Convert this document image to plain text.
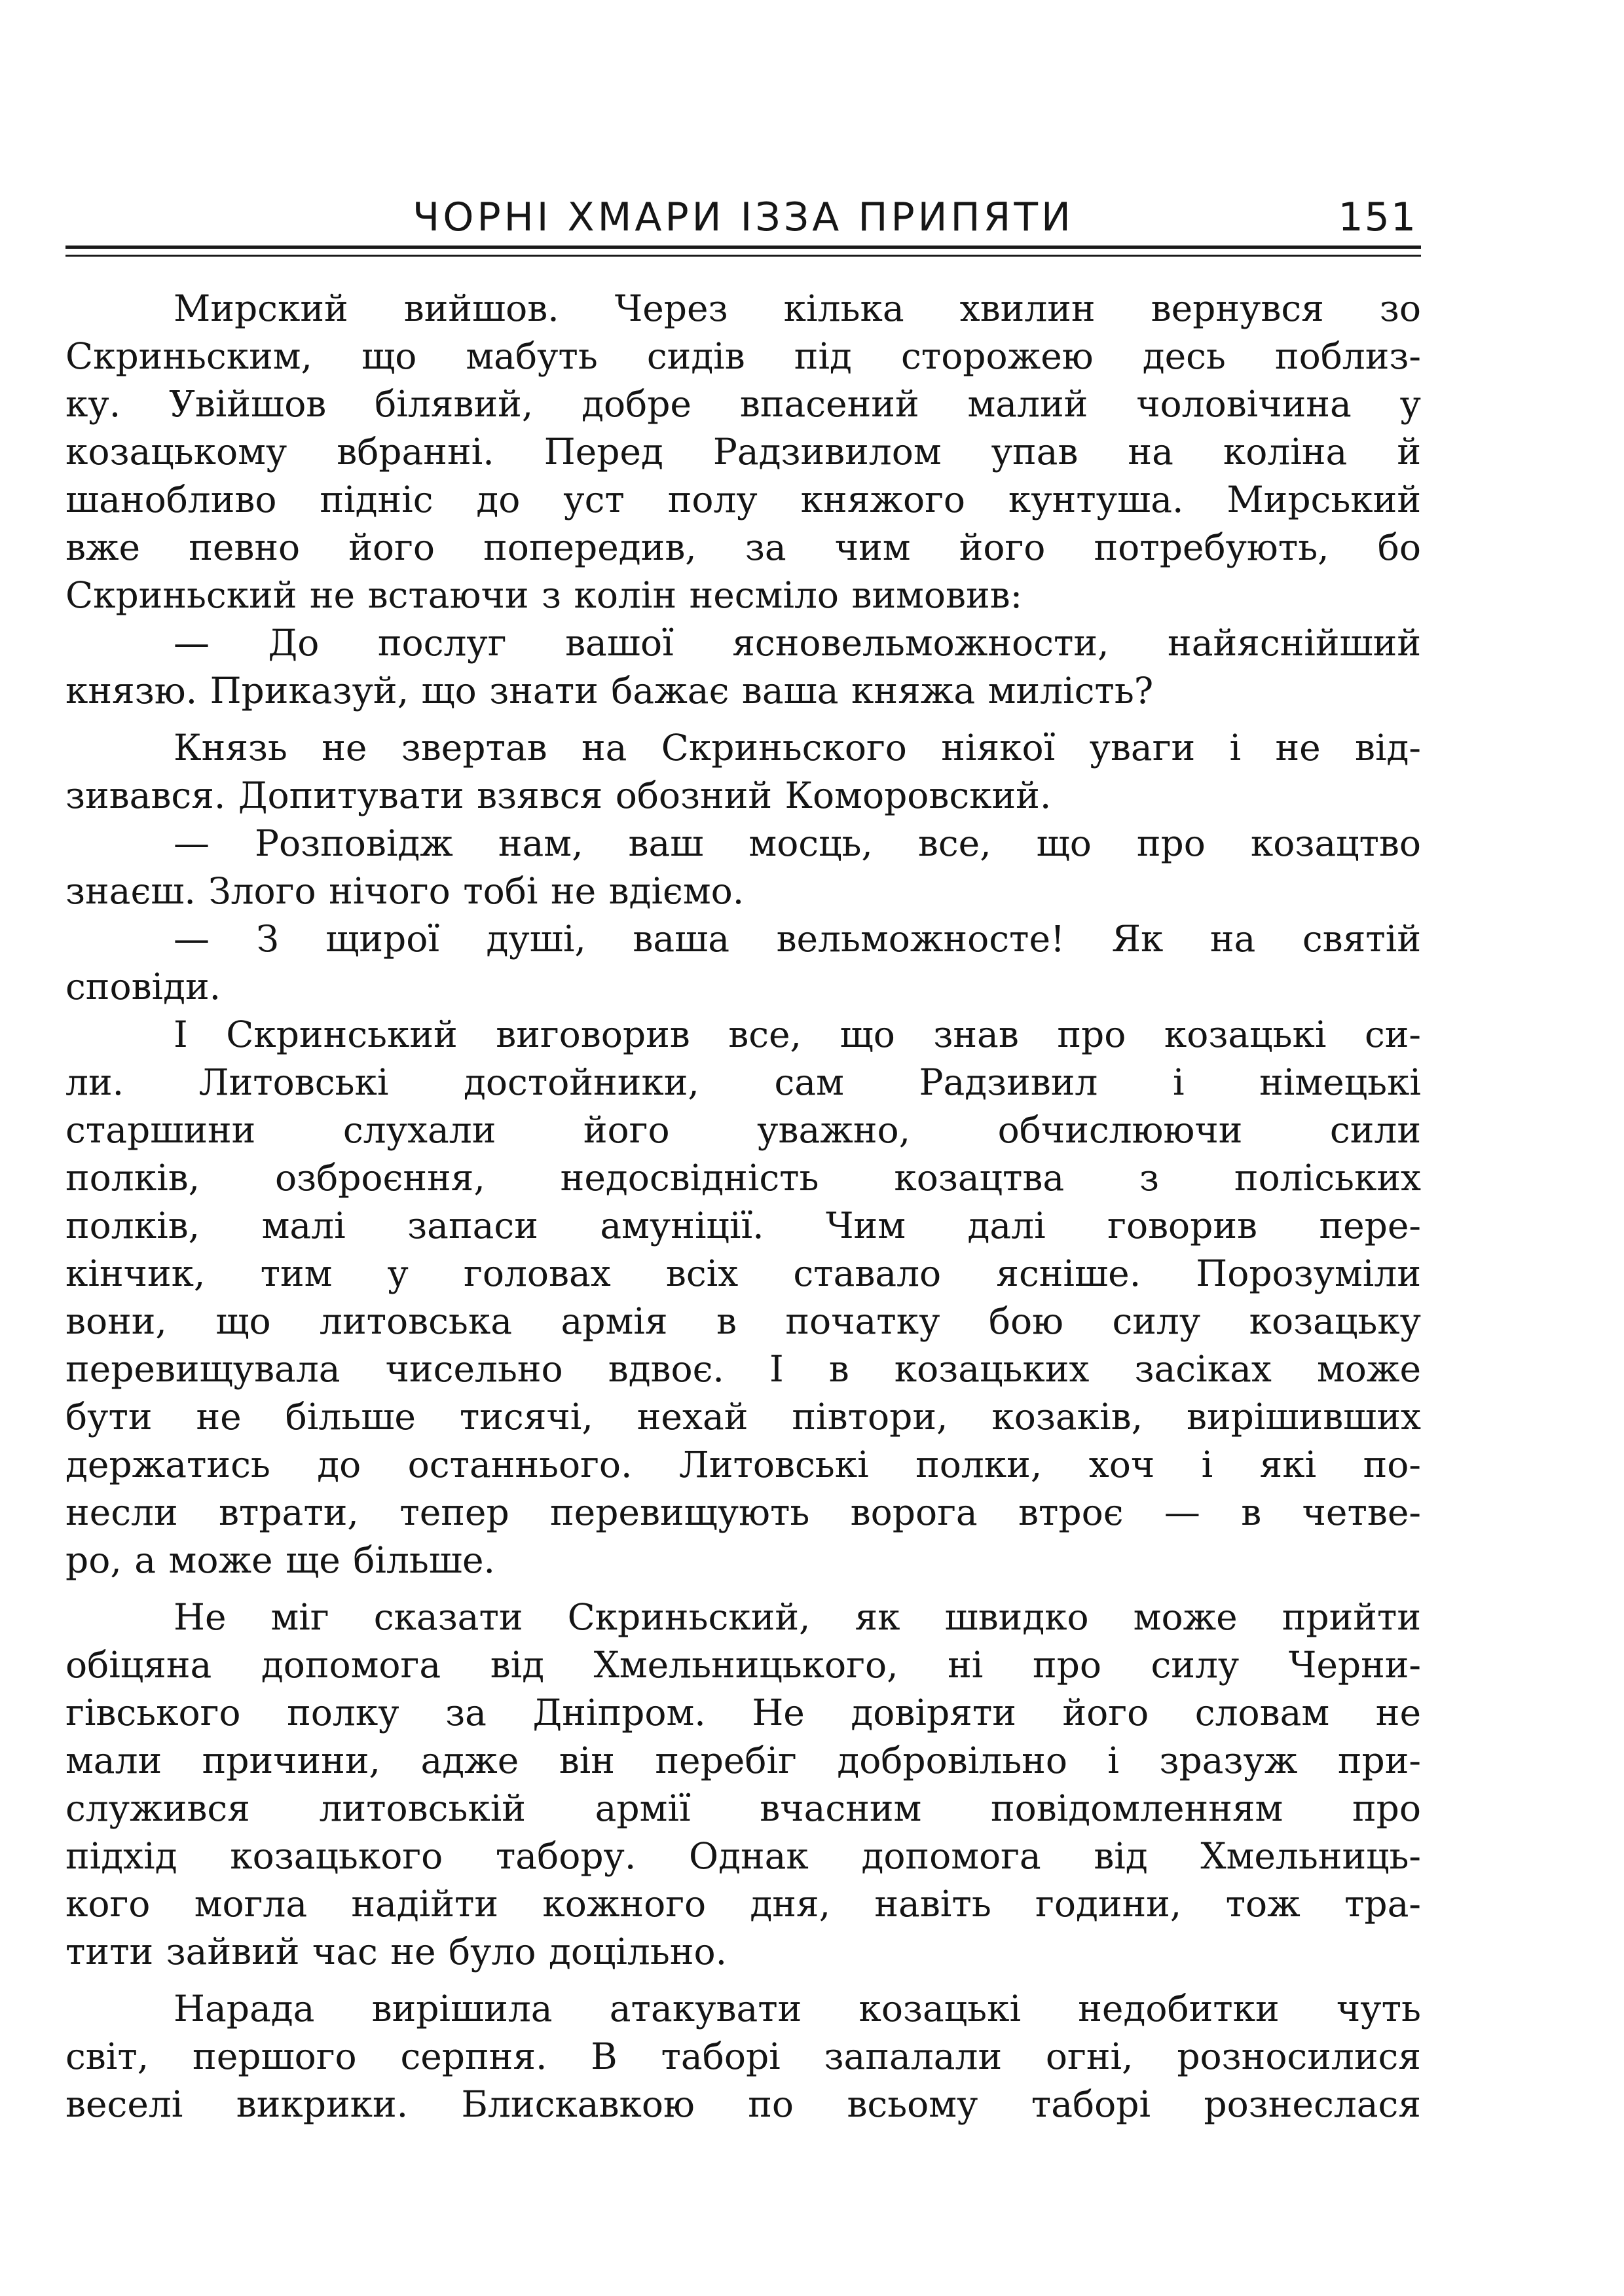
ЧОРНІ ХМАРИ ІЗЗА ПРИПЯТИ	151
Мирский вийшов. Через кілька хвилин вернувся зо
Скриньским, що мабуть сидів під сторожею десь поблиз-
ку. Увійшов білявий, добре впасений малий чоловічина у
козацькому вбранні. Перед Радзивилом упав на коліна й
шанобливо підніс до уст полу княжого кунтуша. Мирський
вже певно його попередив, за чим його потребують, бо
Скриньский не встаючи з колін несміло вимовив:
— До послуг вашої ясновельможности, найяснійший
князю. Приказуй, що знати бажає ваша княжа милість?
Князь не звертав на Скриньского ніякої уваги і не від-
зивався. Допитувати взявся обозний Коморовский.
— Розповідж нам, ваш мосць, все, що про козацтво
знаєш. Злого нічого тобі не вдіємо.
— З щирої душі, ваша вельможносте! Як на святій
сповіди.
І Скринський виговорив все, що знав про козацькі си-
ли. Литовські достойники, сам Радзивил і німецькі
старшини слухали його уважно, обчислюючи сили
полків, озброєння, недосвідність козацтва з поліських
полків, малі запаси амуніції. Чим далі говорив пере-
кінчик, тим у головах всіх ставало ясніше. Порозуміли
вони, що литовська армія в початку бою силу козацьку
перевищувала чисельно вдвоє. І в козацьких засіках може
бути не більше тисячі, нехай півтори, козаків, вирішивших
держатись до останнього. Литовські полки, хоч і які по-
несли втрати, тепер перевищують ворога втроє — в четве-
ро, а може ще більше.
Не міг сказати Скриньский, як швидко може прийти
обіцяна допомога від Хмельницького, ні про силу Черни-
гівського полку за Дніпром. Не довіряти його словам не
мали причини, адже він перебіг добровільно і зразуж при-
служився литовській армії вчасним повідомленням про
підхід козацького табору. Однак допомога від Хмельниць-
кого могла надійти кожного дня, навіть години, тож тра-
тити зайвий час не було доцільно.
Нарада вирішила атакувати козацькі недобитки чуть
світ, першого серпня. В таборі запалали огні, розносилися
веселі викрики. Блискавкою по всьому таборі рознеслася
